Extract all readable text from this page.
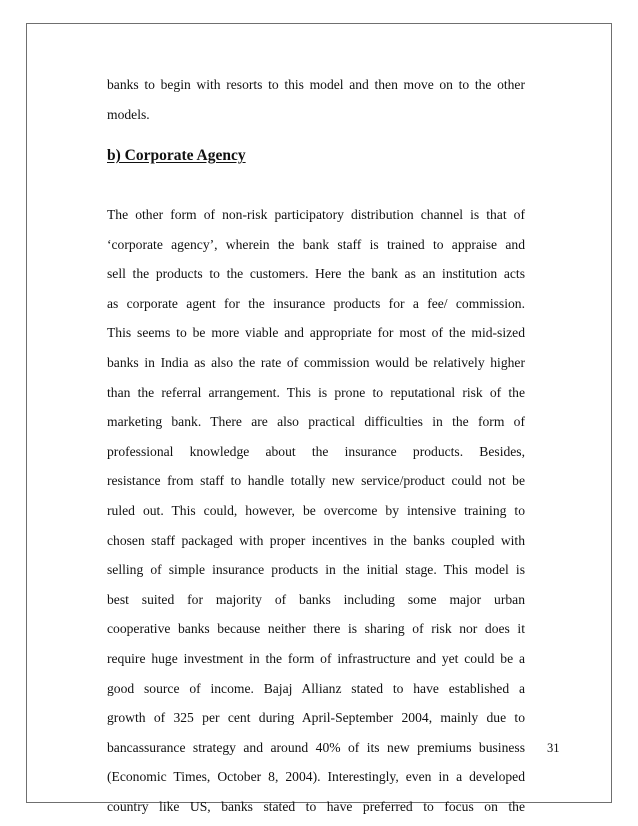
banks to begin with resorts to this model and then move on to the other
models.
b) Corporate Agency
The other form of non-risk participatory distribution channel is that of
‘corporate agency’, wherein the bank staff is trained to appraise and
sell the products to the customers. Here the bank as an institution acts
as corporate agent for the insurance products for a fee/ commission.
This seems to be more viable and appropriate for most of the mid-sized
banks in India as also the rate of commission would be relatively higher
than the referral arrangement. This is prone to reputational risk of the
marketing bank. There are also practical difficulties in the form of
professional knowledge about the insurance products. Besides,
resistance from staff to handle totally new service/product could not be
ruled out. This could, however, be overcome by intensive training to
chosen staff packaged with proper incentives in the banks coupled with
selling of simple insurance products in the initial stage. This model is
best suited for majority of banks including some major urban
cooperative banks because neither there is sharing of risk nor does it
require huge investment in the form of infrastructure and yet could be a
good source of income. Bajaj Allianz stated to have established a
growth of 325 per cent during April-September 2004, mainly due to
bancassurance strategy and around 40% of its new premiums business
(Economic Times, October 8, 2004). Interestingly, even in a developed
country like US, banks stated to have preferred to focus on the
31
